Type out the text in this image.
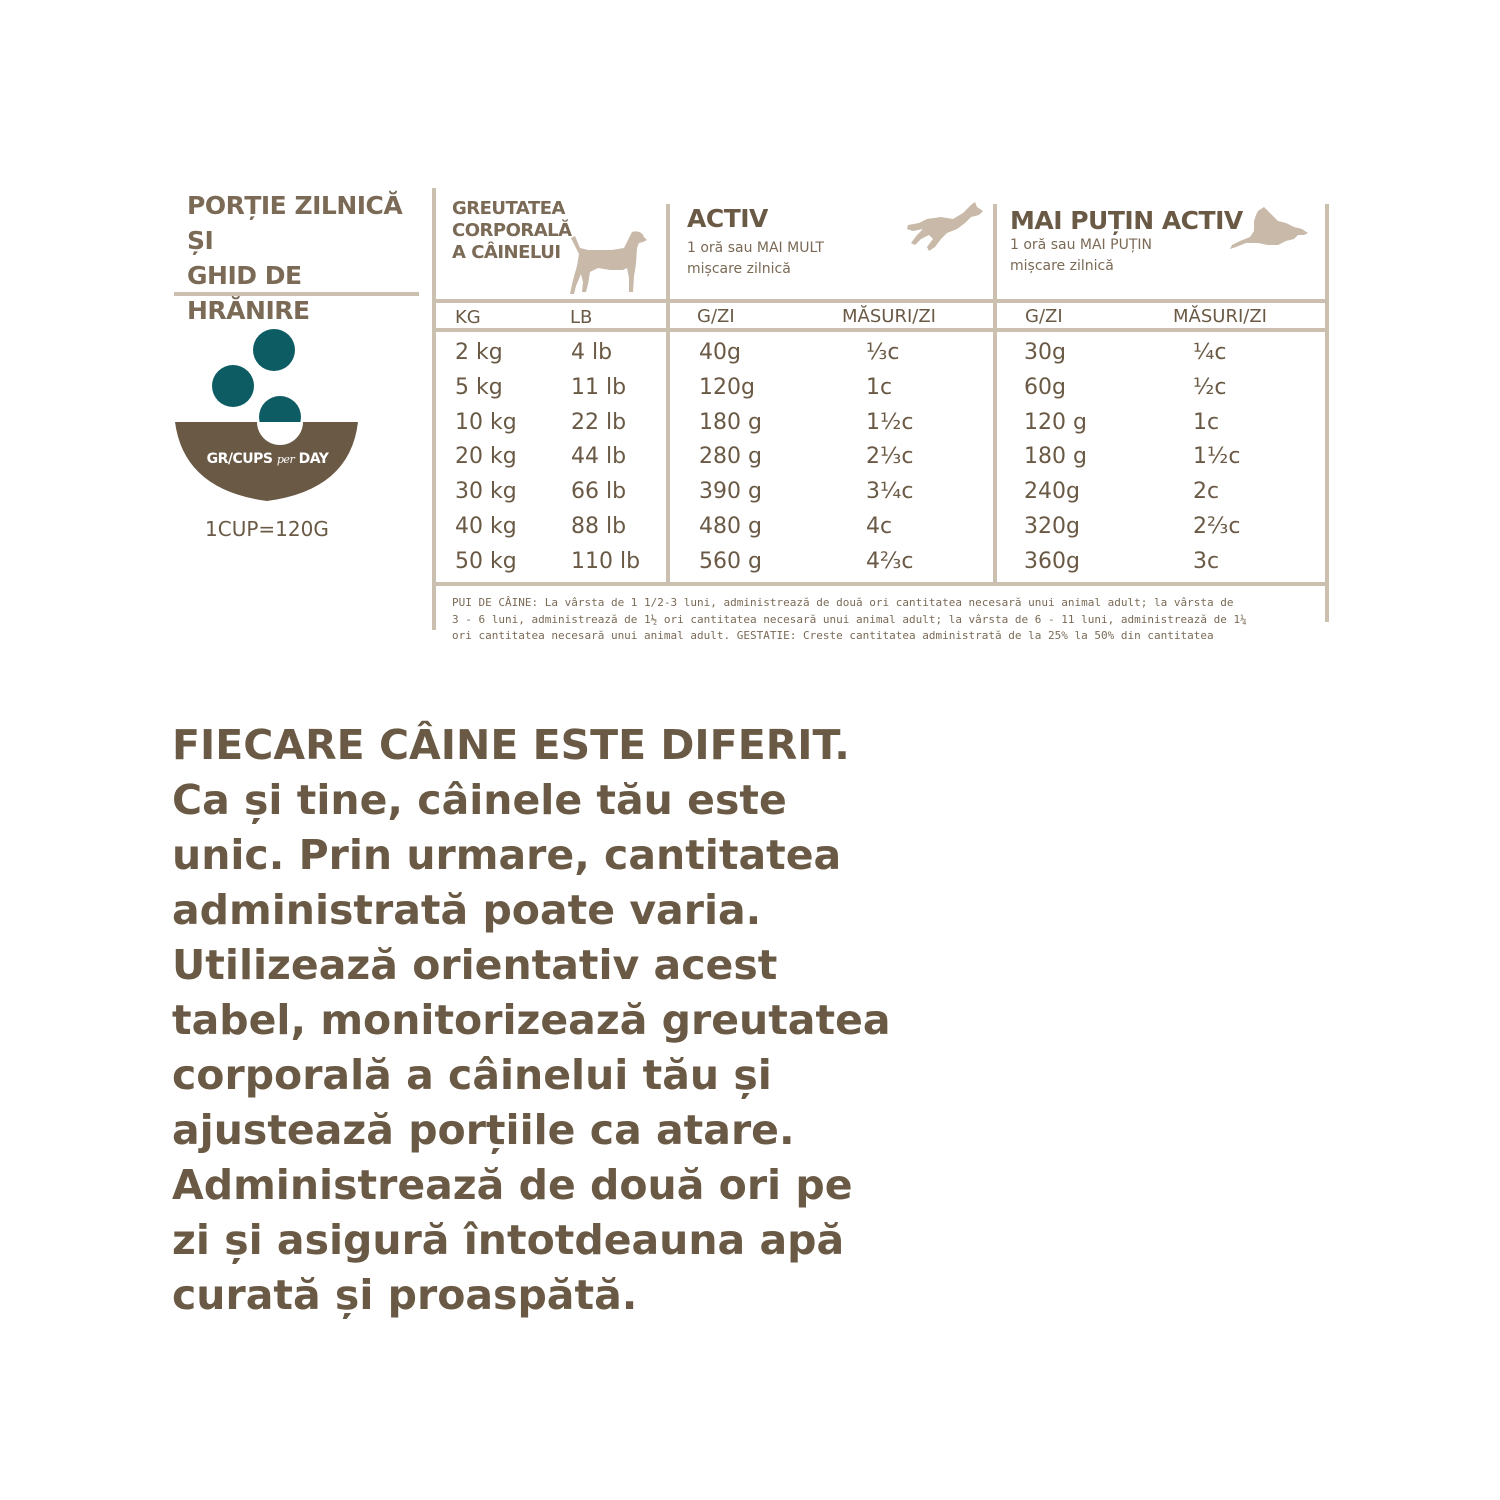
PORȚIE ZILNICĂ ȘI
GHID DE HRĂNIRE
GR/CUPS per DAY
1CUP=120G
GREUTATEA
CORPORALĂ
A CÂINELUI
ACTIV
1 oră sau MAI MULT
mișcare zilnică
MAI PUȚIN ACTIV
1 oră sau MAI PUȚIN
mișcare zilnică
KG	LB	G/ZI	MĂSURI/ZI	G/ZI	MĂSURI/ZI
2 kg	4 lb	40g	⅓c	30g	¼c
5 kg	11 lb	120g	1c	60g	½c
10 kg 22 lb	180 g	1½c	120 g	1c
20 kg 44 lb	280 g	2⅓c	180 g	1½c
30 kg 66 lb	390 g	3¼c	240g	2c
40 kg 88 lb	480 g	4c	320g	2⅔c
50 kg 110 lb	560 g	4⅔c	360g	3c
PUI DE CÂINE: La vârsta de 1 1/2-3 luni, administrează de două ori cantitatea necesară unui animal adult; la vârsta de
3 - 6 luni, administrează de 1½ ori cantitatea necesară unui animal adult; la vârsta de 6 - 11 luni, administrează de 1¼
ori cantitatea necesară unui animal adult. GESTATIE: Creste cantitatea administrată de la 25% la 50% din cantitatea
FIECARE CÂINE ESTE DIFERIT.
Ca și tine, câinele tău este
unic. Prin urmare, cantitatea
administrată poate varia.
Utilizează orientativ acest
tabel, monitorizează greutatea
corporală a câinelui tău și
ajustează porțiile ca atare.
Administrează de două ori pe
zi și asigură întotdeauna apă
curată și proaspătă.
